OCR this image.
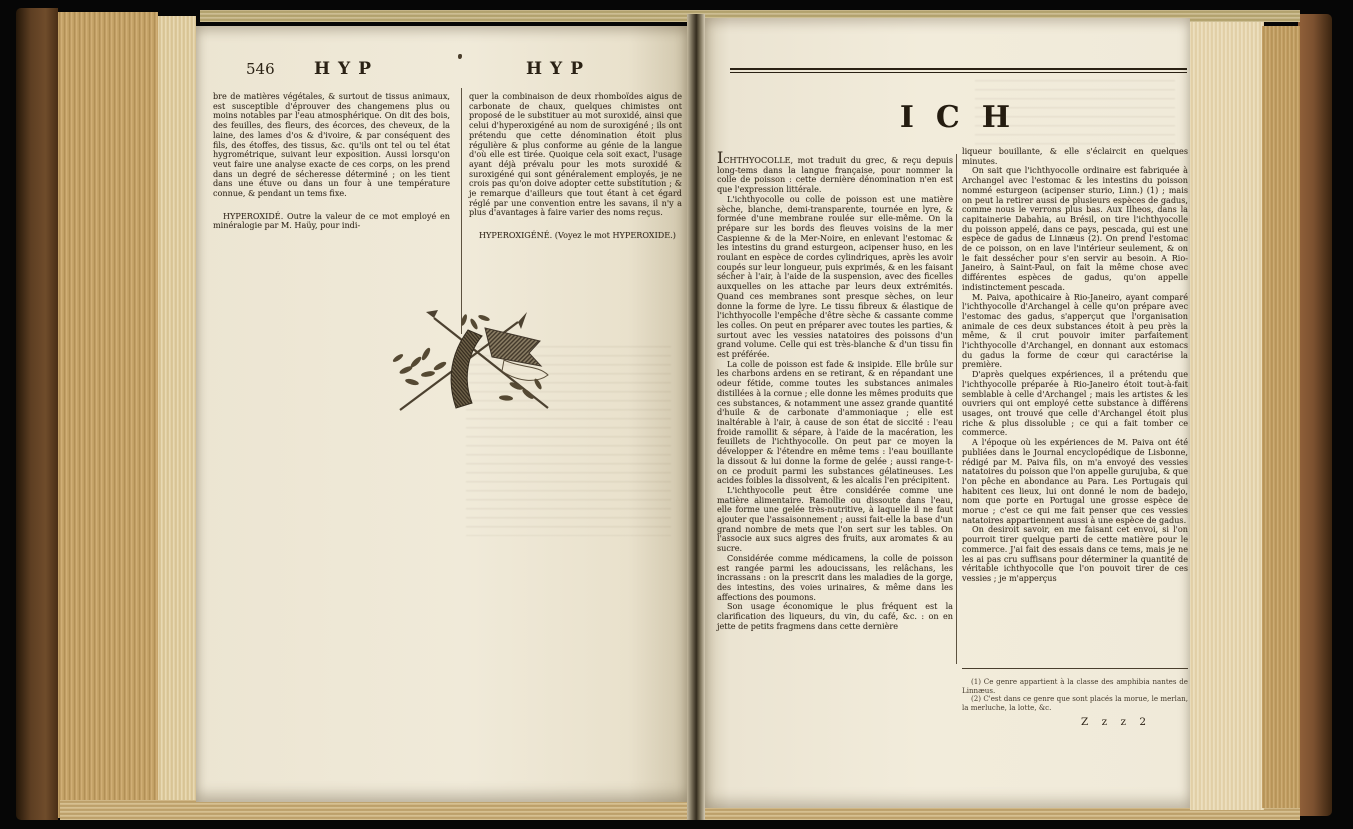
546 HYP	HYP

bre de matières végétales, & surtout de tissus animaux, est susceptible d'éprouver des changemens plus ou moins notables par l'eau atmosphérique. On dit des bois, des feuilles, des fleurs, des écorces, des cheveux, de la laine, des lames d'os & d'ivoire, & par conséquent des fils, des étoffes, des tissus, &c. qu'ils ont tel ou tel état hygrométrique, suivant leur exposition. Aussi lorsqu'on veut faire une analyse exacte de ces corps, on les prend dans un degré de sécheresse déterminé ; on les tient dans une étuve ou dans un four à une température connue, & pendant un tems fixe.

HYPEROXIDÉ. Outre la valeur de ce mot employé en minéralogie par M. Haüy, pour indi-

quer la combinaison de deux rhomboïdes aigus de carbonate de chaux, quelques chimistes ont proposé de le substituer au mot suroxidé, ainsi que celui d'hyperoxigéné au nom de suroxigéné ; ils ont prétendu que cette dénomination étoit plus régulière & plus conforme au génie de la langue d'où elle est tirée. Quoique cela soit exact, l'usage ayant déjà prévalu pour les mots suroxidé & suroxigéné qui sont généralement employés, je ne crois pas qu'on doive adopter cette substitution ; & je remarque d'ailleurs que tout étant à cet égard réglé par une convention entre les savans, il n'y a plus d'avantages à faire varier des noms reçus.

HYPEROXIGÉNÉ. (Voyez le mot HYPEROXIDE.)

ICH

ICHTHYOCOLLE, mot traduit du grec, & reçu depuis long-tems dans la langue française, pour nommer la colle de poisson : cette dernière dénomination n'en est que l'expression littérale.

L'ichthyocolle ou colle de poisson est une matière sèche, blanche, demi-transparente, tournée en lyre, & formée d'une membrane roulée sur elle-même. On la prépare sur les bords des fleuves voisins de la mer Caspienne & de la Mer-Noire, en enlevant l'estomac & les intestins du grand esturgeon, acipenser huso, en les roulant en espèce de cordes cylindriques, après les avoir coupés sur leur longueur, puis exprimés, & en les faisant sécher à l'air, à l'aide de la suspension, avec des ficelles auxquelles on les attache par leurs deux extrémités. Quand ces membranes sont presque sèches, on leur donne la forme de lyre. Le tissu fibreux & élastique de l'ichthyocolle l'empêche d'être sèche & cassante comme les colles. On peut en préparer avec toutes les parties, & surtout avec les vessies natatoires des poissons d'un grand volume. Celle qui est très-blanche & d'un tissu fin est préférée.

La colle de poisson est fade & insipide. Elle brûle sur les charbons ardens en se retirant, & en répandant une odeur fétide, comme toutes les substances animales distillées à la cornue ; elle donne les mêmes produits que ces substances, & notamment une assez grande quantité d'huile & de carbonate d'ammoniaque ; elle est inaltérable à l'air, à cause de son état de siccité : l'eau froide ramollit & sépare, à l'aide de la macération, les feuillets de l'ichthyocolle. On peut par ce moyen la développer & l'étendre en même tems : l'eau bouillante la dissout & lui donne la forme de gelée ; aussi range-t-on ce produit parmi les substances gélatineuses. Les acides foibles la dissolvent, & les alcalis l'en précipitent.

L'ichthyocolle peut être considérée comme une matière alimentaire. Ramollie ou dissoute dans l'eau, elle forme une gelée très-nutritive, à laquelle il ne faut ajouter que l'assaisonnement ; aussi fait-elle la base d'un grand nombre de mets que l'on sert sur les tables. On l'associe aux sucs aigres des fruits, aux aromates & au sucre.

Considérée comme médicamens, la colle de poisson est rangée parmi les adoucissans, les relâchans, les incrassans : on la prescrit dans les maladies de la gorge, des intestins, des voies urinaires, & même dans les affections des poumons.

Son usage économique le plus fréquent est la clarification des liqueurs, du vin, du café, &c. : on en jette de petits fragmens dans cette dernière

liqueur bouillante, & elle s'éclaircit en quelques minutes.

On sait que l'ichthyocolle ordinaire est fabriquée à Archangel avec l'estomac & les intestins du poisson nommé esturgeon (acipenser sturio, Linn.) (1) ; mais on peut la retirer aussi de plusieurs espèces de gadus, comme nous le verrons plus bas. Aux Ilheos, dans la capitainerie Dabahia, au Brésil, on tire l'ichthyocolle du poisson appelé, dans ce pays, pescada, qui est une espèce de gadus de Linnæus (2). On prend l'estomac de ce poisson, on en lave l'intérieur seulement, & on le fait dessécher pour s'en servir au besoin. A Rio-Janeiro, à Saint-Paul, on fait la même chose avec différentes espèces de gadus, qu'on appelle indistinctement pescada.

M. Paiva, apothicaire à Rio-Janeiro, ayant comparé l'ichthyocolle d'Archangel à celle qu'on prépare avec l'estomac des gadus, s'apperçut que l'organisation animale de ces deux substances étoit à peu près la même, & il crut pouvoir imiter parfaitement l'ichthyocolle d'Archangel, en donnant aux estomacs du gadus la forme de cœur qui caractérise la première.

D'après quelques expériences, il a prétendu que l'ichthyocolle préparée à Rio-Janeiro étoit tout-à-fait semblable à celle d'Archangel ; mais les artistes & les ouvriers qui ont employé cette substance à différens usages, ont trouvé que celle d'Archangel étoit plus riche & plus dissoluble ; ce qui a fait tomber ce commerce.

A l'époque où les expériences de M. Paiva ont été publiées dans le Journal encyclopédique de Lisbonne, rédigé par M. Paiva fils, on m'a envoyé des vessies natatoires du poisson que l'on appelle gurujuba, & que l'on pêche en abondance au Para. Les Portugais qui habitent ces lieux, lui ont donné le nom de badejo, nom que porte en Portugal une grosse espèce de morue ; c'est ce qui me fait penser que ces vessies natatoires appartiennent aussi à une espèce de gadus.

On desiroit savoir, en me faisant cet envoi, si l'on pourroit tirer quelque parti de cette matière pour le commerce. J'ai fait des essais dans ce tems, mais je ne les ai pas cru suffisans pour déterminer la quantité de véritable ichthyocolle que l'on pouvoit tirer de ces vessies ; je m'apperçus

(1) Ce genre appartient à la classe des amphibia nantes de Linnæus.

(2) C'est dans ce genre que sont placés la morue, le merlan, la merluche, la lotte, &c.

Z z z 2
